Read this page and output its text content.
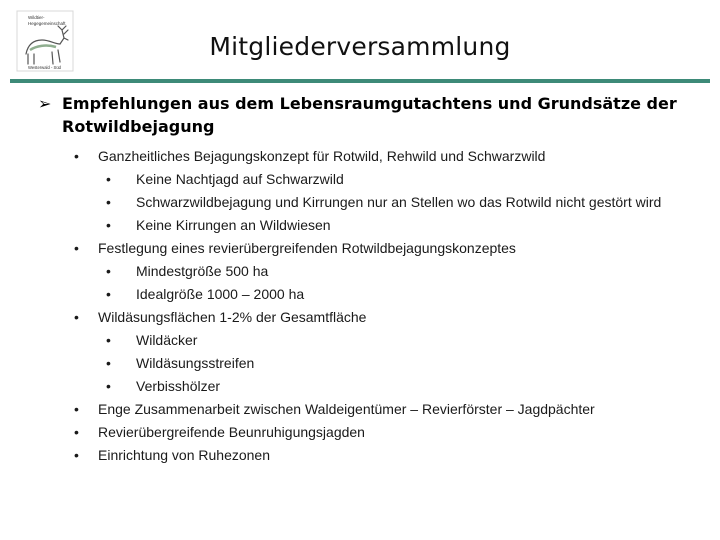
Wildtier-
Hegegemeinschaft
Westerwald - Süd
Mitgliederversammlung
➢ Empfehlungen aus dem Lebensraumgutachtens und Grundsätze der Rotwildbejagung
• Ganzheitliches Bejagungskonzept für Rotwild, Rehwild und Schwarzwild
• Keine Nachtjagd auf Schwarzwild
• Schwarzwildbejagung und Kirrungen nur an Stellen wo das Rotwild nicht gestört wird
• Keine Kirrungen an Wildwiesen
• Festlegung eines revierübergreifenden Rotwildbejagungskonzeptes
• Mindestgröße 500 ha
• Idealgröße 1000 – 2000 ha
• Wildäsungsflächen 1-2% der Gesamtfläche
• Wildäcker
• Wildäsungsstreifen
• Verbisshölzer
• Enge Zusammenarbeit zwischen Waldeigentümer – Revierförster – Jagdpächter
• Revierübergreifende Beunruhigungsjagden
• Einrichtung von Ruhezonen
